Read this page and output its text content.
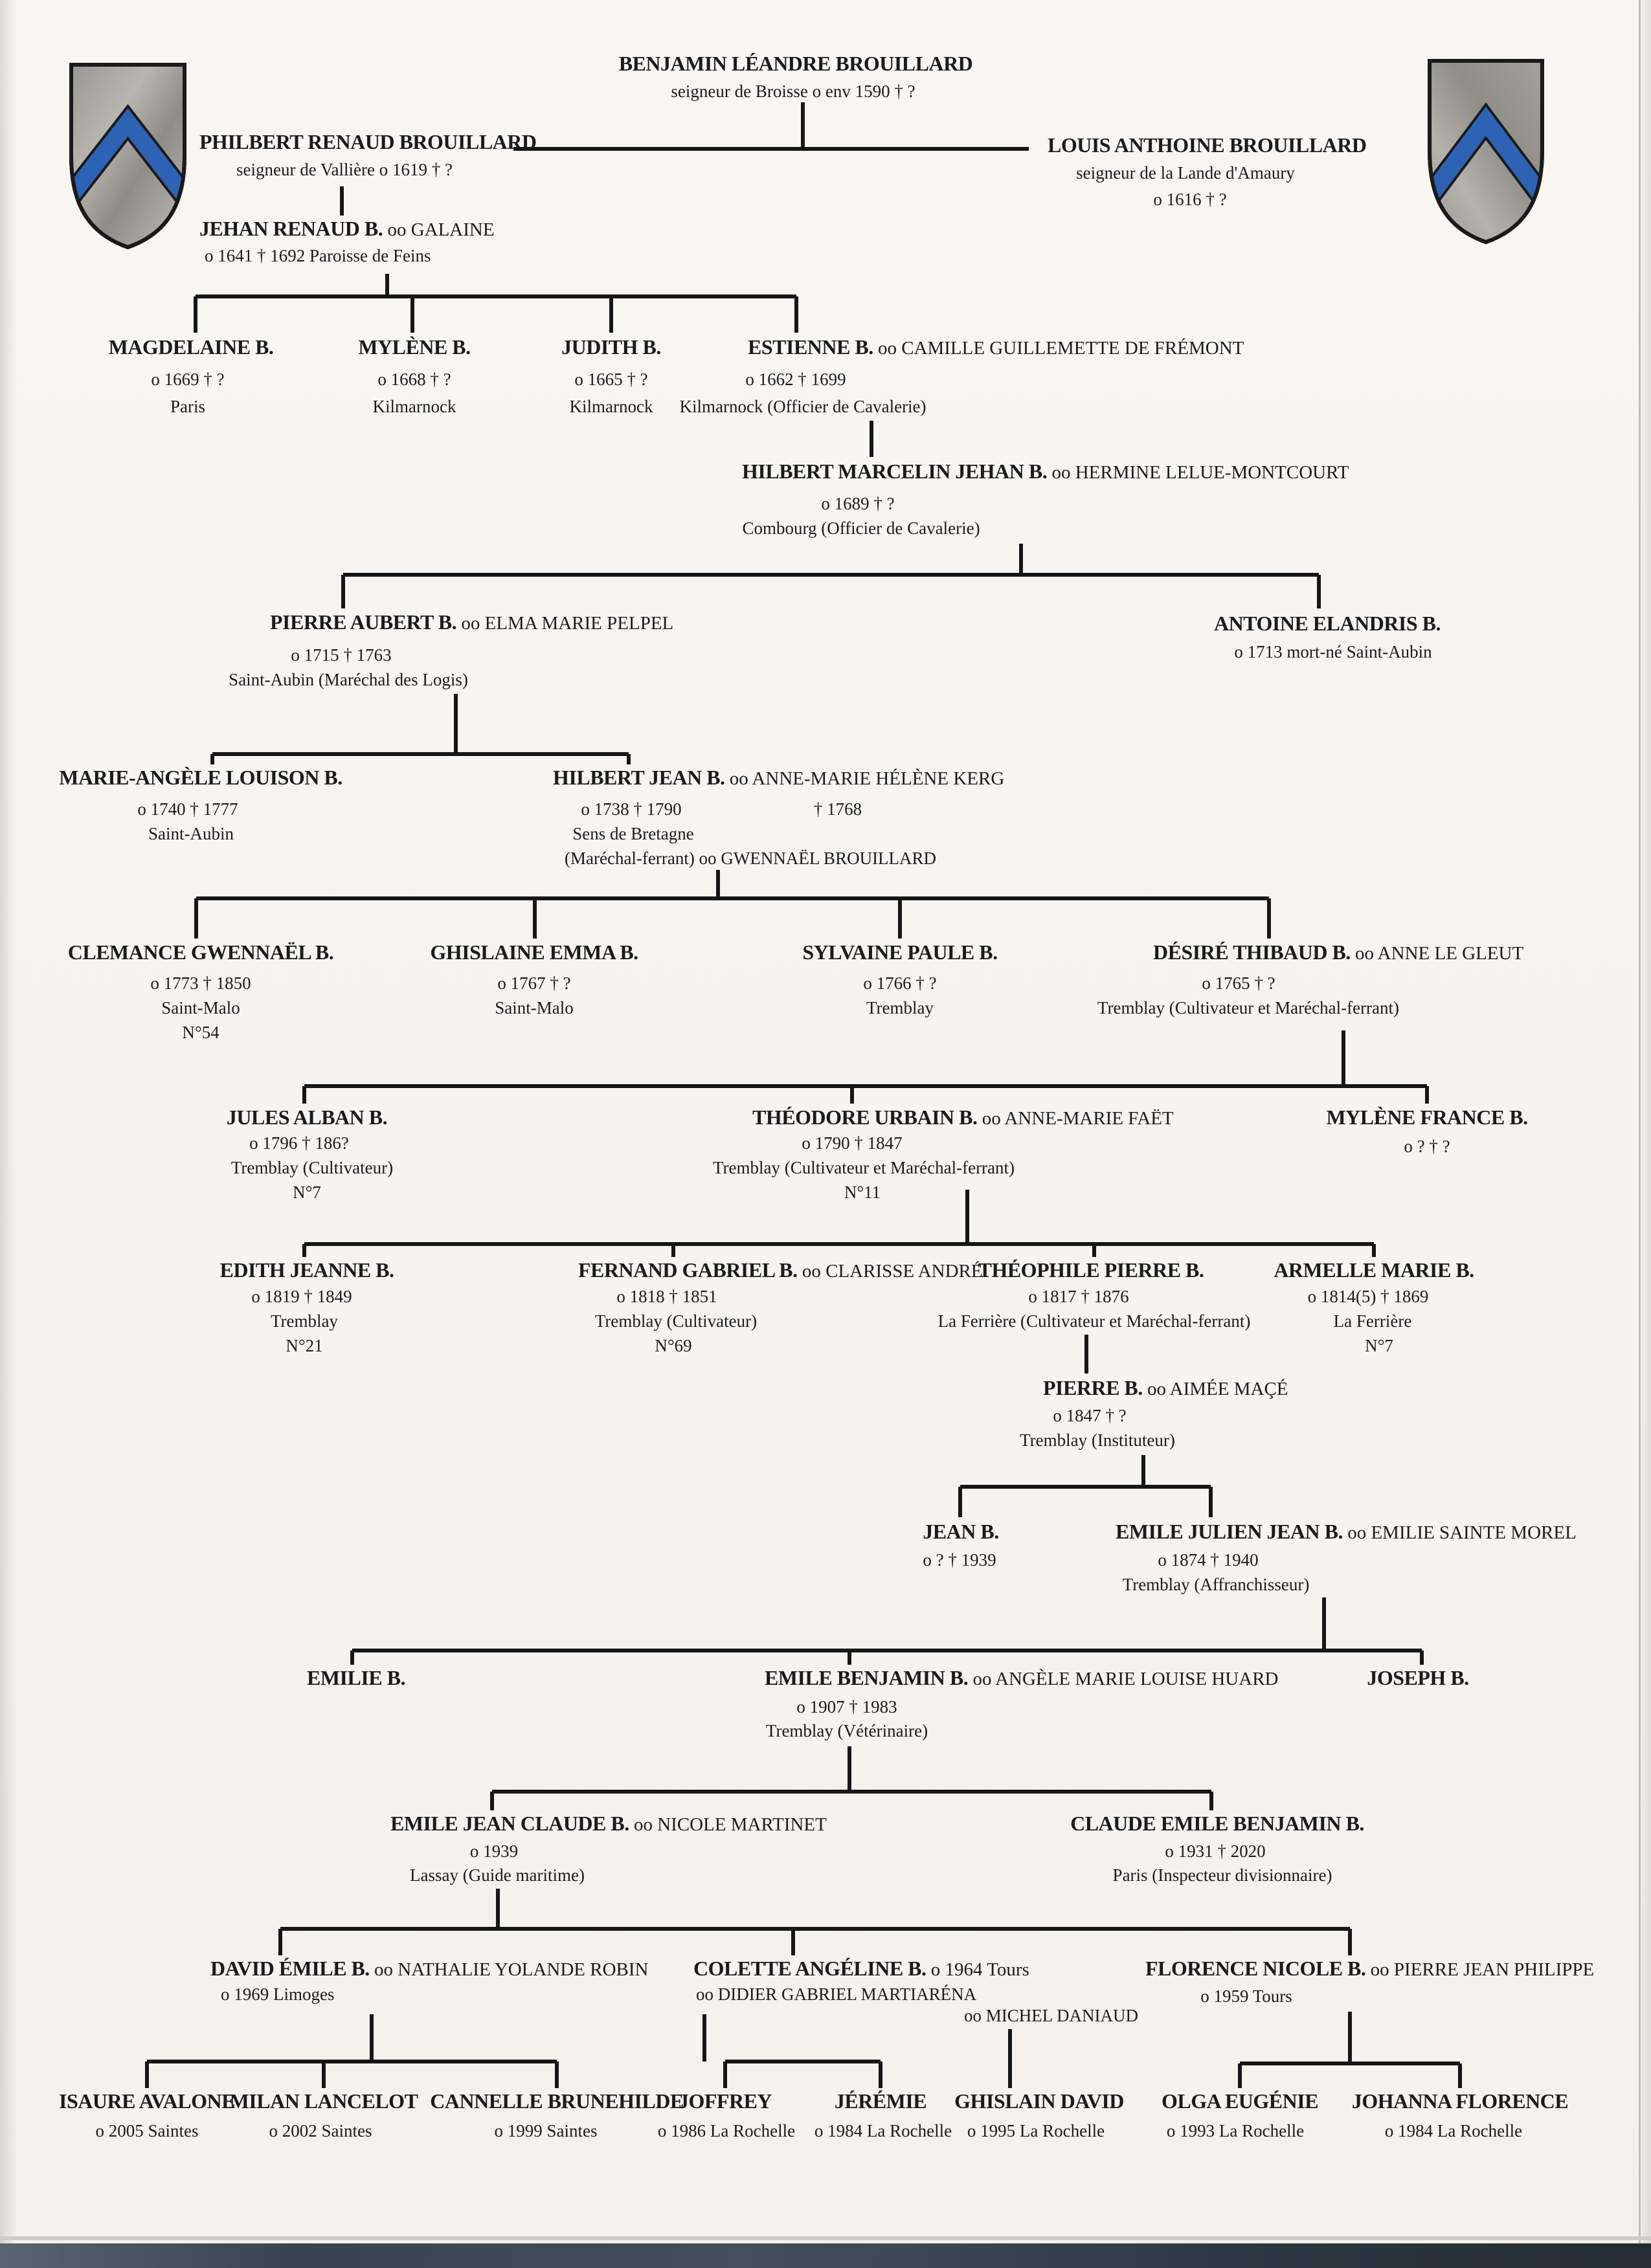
BENJAMIN LÉANDRE BROUILLARD
seigneur de Broisse o env 1590 † ?
PHILBERT RENAUD BROUILLARD
seigneur de Vallière o 1619 † ?
LOUIS ANTHOINE BROUILLARD
seigneur de la Lande d'Amaury
o 1616 † ?
JEHAN RENAUD B. oo GALAINE
o 1641 † 1692 Paroisse de Feins
MAGDELAINE B.
o 1669 † ?
Paris
MYLÈNE B.
o 1668 † ?
Kilmarnock
JUDITH B.
o 1665 † ?
Kilmarnock
ESTIENNE B. oo CAMILLE GUILLEMETTE DE FRÉMONT
o 1662 † 1699
Kilmarnock (Officier de Cavalerie)
HILBERT MARCELIN JEHAN B. oo HERMINE LELUE-MONTCOURT
o 1689 † ?
Combourg (Officier de Cavalerie)
PIERRE AUBERT B. oo ELMA MARIE PELPEL
o 1715 † 1763
Saint-Aubin (Maréchal des Logis)
ANTOINE ELANDRIS B.
o 1713 mort-né Saint-Aubin
MARIE-ANGÈLE LOUISON B.
o 1740 † 1777
Saint-Aubin
HILBERT JEAN B. oo ANNE-MARIE HÉLÈNE KERG
o 1738 † 1790	† 1768
Sens de Bretagne
(Maréchal-ferrant) oo GWENNAËL BROUILLARD
CLEMANCE GWENNAËL B.
o 1773 † 1850
Saint-Malo
N°54
GHISLAINE EMMA B.
o 1767 † ?
Saint-Malo
SYLVAINE PAULE B.
o 1766 † ?
Tremblay
DÉSIRÉ THIBAUD B. oo ANNE LE GLEUT
o 1765 † ?
Tremblay (Cultivateur et Maréchal-ferrant)
JULES ALBAN B.
o 1796 † 186?
Tremblay (Cultivateur)
N°7
THÉODORE URBAIN B. oo ANNE-MARIE FAËT
o 1790 † 1847
Tremblay (Cultivateur et Maréchal-ferrant)
N°11
MYLÈNE FRANCE B.
o ? † ?
EDITH JEANNE B.
o 1819 † 1849
Tremblay
N°21
FERNAND GABRIEL B. oo CLARISSE ANDRÉ
o 1818 † 1851
Tremblay (Cultivateur)
N°69
THÉOPHILE PIERRE B.
o 1817 † 1876
La Ferrière (Cultivateur et Maréchal-ferrant)
ARMELLE MARIE B.
o 1814(5) † 1869
La Ferrière
N°7
PIERRE B. oo AIMÉE MAÇÉ
o 1847 † ?
Tremblay (Instituteur)
JEAN B.
o ? † 1939
EMILE JULIEN JEAN B. oo EMILIE SAINTE MOREL
o 1874 † 1940
Tremblay (Affranchisseur)
EMILIE B.	EMILE BENJAMIN B. oo ANGÈLE MARIE LOUISE HUARD
o 1907 † 1983
Tremblay (Vétérinaire)
JOSEPH B.
EMILE JEAN CLAUDE B. oo NICOLE MARTINET
o 1939
Lassay (Guide maritime)
CLAUDE EMILE BENJAMIN B.
o 1931 † 2020
Paris (Inspecteur divisionnaire)
DAVID ÉMILE B. oo NATHALIE YOLANDE ROBIN
o 1969 Limoges
COLETTE ANGÉLINE B. o 1964 Tours
oo DIDIER GABRIEL MARTIARÉNA
oo MICHEL DANIAUD
FLORENCE NICOLE B. oo PIERRE JEAN PHILIPPE
o 1959 Tours
ISAURE AVALONE
o 2005 Saintes
MILAN LANCELOT
o 2002 Saintes
CANNELLE BRUNEHILDE
o 1999 Saintes
JOFFREY
o 1986 La Rochelle
JÉRÉMIE
o 1984 La Rochelle
GHISLAIN DAVID
o 1995 La Rochelle
OLGA EUGÉNIE
o 1993 La Rochelle
JOHANNA FLORENCE
o 1984 La Rochelle
